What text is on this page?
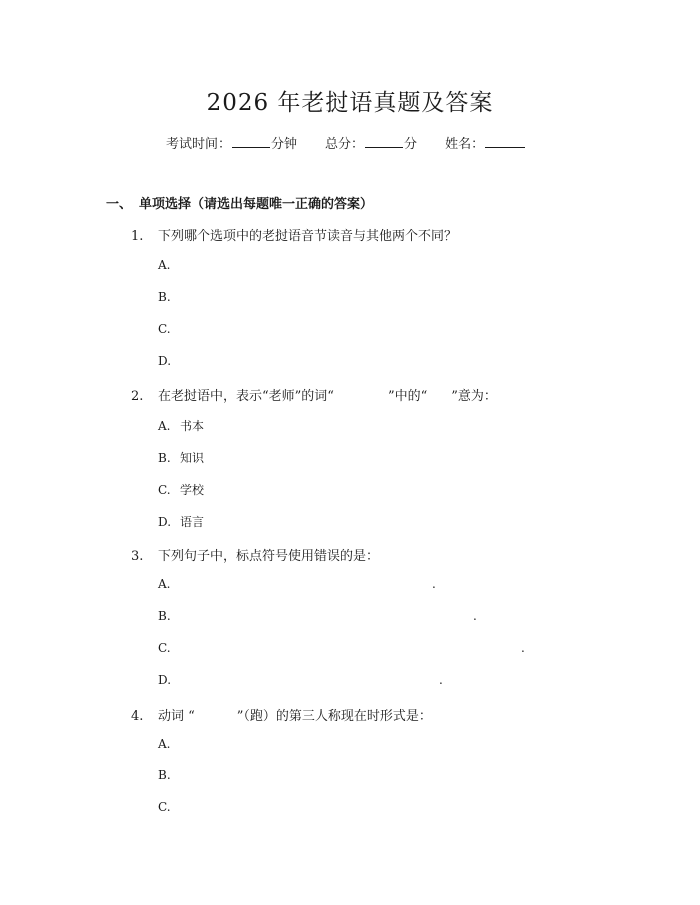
2026 年老挝语真题及答案
考试时间：	分钟 总分：	分 姓名：
一、 单项选择（请选出每题唯一正确的答案）
1. 下列哪个选项中的老挝语音节读音与其他两个不同？
A.
B.
C.
D.
2. 在老挝语中，表示“老师”的词“	”中的“ ”意为：
A. 书本
B. 知识
C. 学校
D. 语言
3. 下列句子中，标点符号使用错误的是：
A.	.
B.	.
C.	.
D.	.
4. 动词 “	”（跑）的第三人称现在时形式是：
A.
B.
C.
